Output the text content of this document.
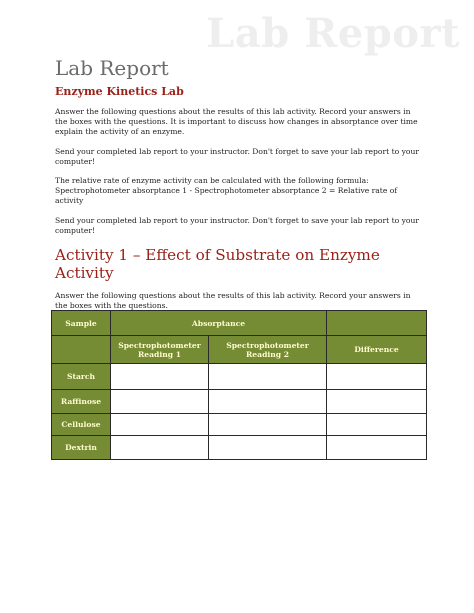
Lab Report
Lab Report
Enzyme Kinetics Lab

Answer the following questions about the results of this lab activity. Record your answers in the boxes with the questions. It is important to discuss how changes in absorptance over time explain the activity of an enzyme.

Send your completed lab report to your instructor. Don't forget to save your lab report to your computer!

The relative rate of enzyme activity can be calculated with the following formula:

Spectrophotometer absorptance 1 - Spectrophotometer absorptance 2 = Relative rate of activity

Send your completed lab report to your instructor. Don't forget to save your lab report to your computer!

Activity 1 – Effect of Substrate on Enzyme Activity

Answer the following questions about the results of this lab activity. Record your answers in the boxes with the questions.

Sample	Absorptance		
	Spectrophotometer Reading 1	Spectrophotometer Reading 2	Difference
Starch			
Raffinose			
Cellulose			
Dextrin			
